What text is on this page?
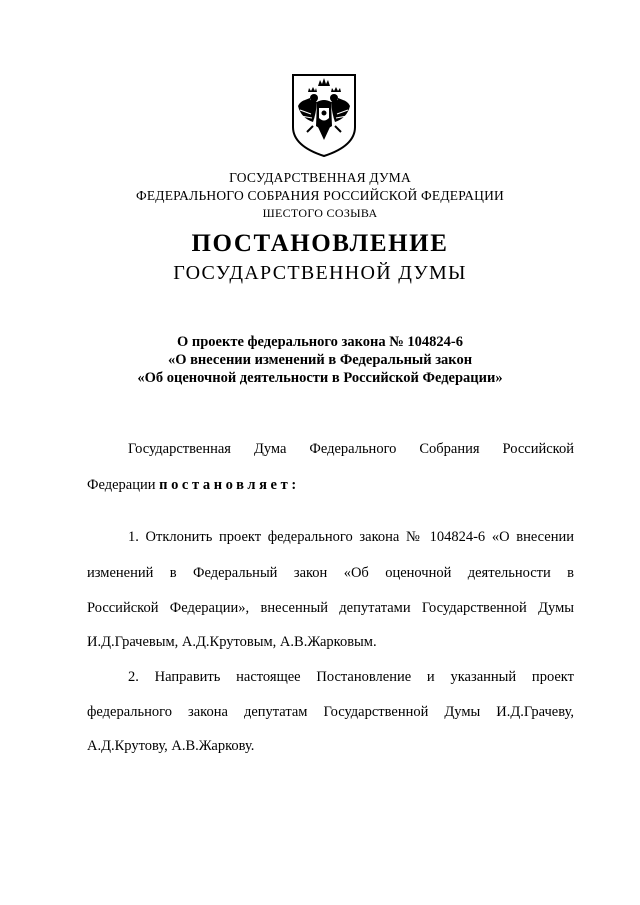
ГОСУДАРСТВЕННАЯ ДУМА
ФЕДЕРАЛЬНОГО СОБРАНИЯ РОССИЙСКОЙ ФЕДЕРАЦИИ
ШЕСТОГО СОЗЫВА
ПОСТАНОВЛЕНИЕ
ГОСУДАРСТВЕННОЙ ДУМЫ
О проекте федерального закона № 104824-6
«О внесении изменений в Федеральный закон
«Об оценочной деятельности в Российской Федерации»
Государственная Дума Федерального Собрания Российской
Федерации постановляет:
1. Отклонить проект федерального закона № 104824-6 «О внесении
изменений в Федеральный закон «Об оценочной деятельности в
Российской Федерации», внесенный депутатами Государственной Думы
И.Д.Грачевым, А.Д.Крутовым, А.В.Жарковым.
2. Направить настоящее Постановление и указанный проект
федерального закона депутатам Государственной Думы И.Д.Грачеву,
А.Д.Крутову, А.В.Жаркову.
